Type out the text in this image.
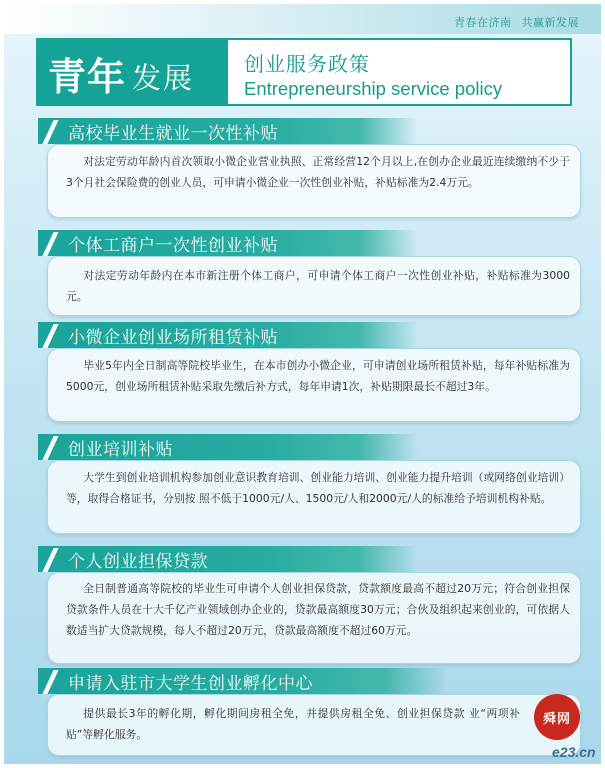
青春在济南 共赢新发展
青年 发展 创业服务政策
Entrepreneurship service policy
高校毕业生就业一次性补贴

对法定劳动年龄内首次领取小微企业营业执照、正常经营12个月以上,在创办企业最近连续缴纳不少于3个月社会保险费的创业人员，可申请小微企业一次性创业补贴，补贴标准为2.4万元。

个体工商户一次性创业补贴

对法定劳动年龄内在本市新注册个体工商户，可申请个体工商户一次性创业补贴，补贴标准为3000元。

小微企业创业场所租赁补贴

毕业5年内全日制高等院校毕业生，在本市创办小微企业，可申请创业场所租赁补贴，每年补贴标准为5000元，创业场所租赁补贴采取先缴后补方式，每年申请1次，补贴期限最长不超过3年。

创业培训补贴

大学生到创业培训机构参加创业意识教育培训、创业能力培训、创业能力提升培训（或网络创业培训）等，取得合格证书，分别按 照不低于1000元/人、1500元/人和2000元/人的标准给予培训机构补贴。

个人创业担保贷款

全日制普通高等院校的毕业生可申请个人创业担保贷款，贷款额度最高不超过20万元；符合创业担保贷款条件人员在十大千亿产业领域创办企业的，贷款最高额度30万元；合伙及组织起来创业的，可依据人数适当扩大贷款规模，每人不超过20万元，贷款最高额度不超过60万元。

申请入驻市大学生创业孵化中心

提供最长3年的孵化期，孵化期间房租全免，并提供房租全免、创业担保贷款 业“两项补贴”等孵化服务。

舜网
e23.cn
